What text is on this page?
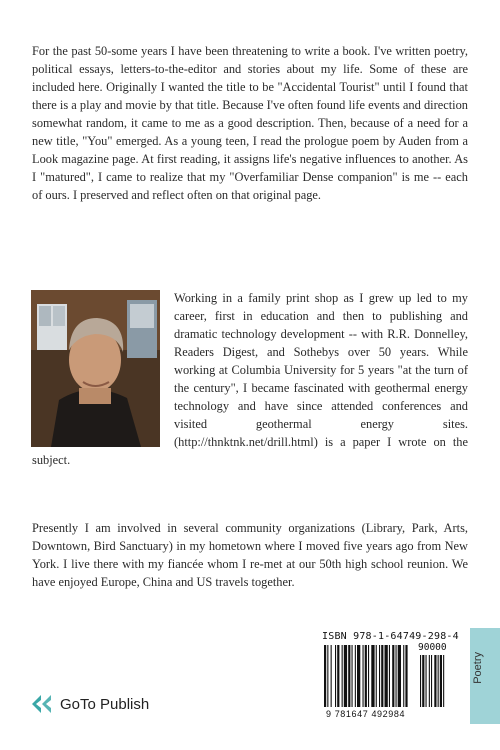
For the past 50-some years I have been threatening to write a book. I've written poetry, political essays, letters-to-the-editor and stories about my life. Some of these are included here. Originally I wanted the title to be "Accidental Tourist" until I found that there is a play and movie by that title. Because I've often found life events and direction somewhat random, it came to me as a good description. Then, because of a need for a new title, "You" emerged. As a young teen, I read the prologue poem by Auden from a Look magazine page. At first reading, it assigns life's negative influences to another. As I "matured", I came to realize that my "Overfamiliar Dense companion" is me -- each of ours. I preserved and reflect often on that original page.

Working in a family print shop as I grew up led to my career, first in education and then to publishing and dramatic technology development -- with R.R. Donnelley, Readers Digest, and Sothebys over 50 years. While working at Columbia University for 5 years "at the turn of the century", I became fascinated with geothermal energy technology and have since attended conferences and visited geothermal energy sites. (http://thnktnk.net/drill.html) is a paper I wrote on the subject.

Presently I am involved in several community organizations (Library, Park, Arts, Downtown, Bird Sanctuary) in my hometown where I moved five years ago from New York. I live there with my fiancée whom I re-met at our 50th high school reunion. We have enjoyed Europe, China and US travels together.

ISBN 978-1-64749-298-4
90000
9 781647 492984
Poetry
GoTo Publish
